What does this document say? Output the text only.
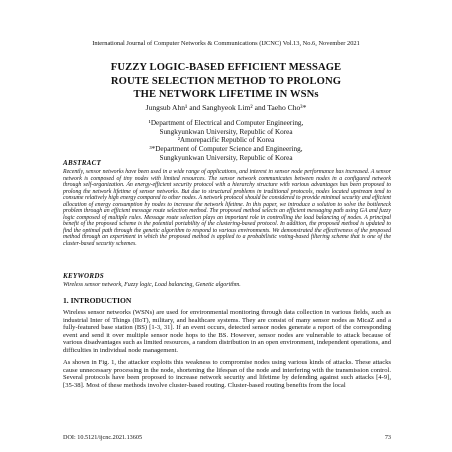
International Journal of Computer Networks & Communications (IJCNC) Vol.13, No.6, November 2021
FUZZY LOGIC-BASED EFFICIENT MESSAGE
ROUTE SELECTION METHOD TO PROLONG
THE NETWORK LIFETIME IN WSNs
Jungsub Ahn¹ and Sanghyeok Lim² and Taeho Cho³*
¹Department of Electrical and Computer Engineering,
Sungkyunkwan University, Republic of Korea
²Amorepacific Republic of Korea
³*Department of Computer Science and Engineering,
Sungkyunkwan University, Republic of Korea
ABSTRACT
Recently, sensor networks have been used in a wide range of applications, and interest in sensor node performance has increased. A sensor network is composed of tiny nodes with limited resources. The sensor network communicates between nodes in a configured network through self-organization. An energy-efficient security protocol with a hierarchy structure with various advantages has been proposed to prolong the network lifetime of sensor networks. But due to structural problems in traditional protocols, nodes located upstream tend to consume relatively high energy compared to other nodes. A network protocol should be considered to provide minimal security and efficient allocation of energy consumption by nodes to increase the network lifetime. In this paper, we introduce a solution to solve the bottleneck problem through an efficient message route selection method. The proposed method selects an efficient messaging path using GA and fuzzy logic composed of multiple rules. Message route selection plays an important role in controlling the load balancing of nodes. A principal benefit of the proposed scheme is the potential portability of the clustering-based protocol. In addition, the proposed method is updated to find the optimal path through the genetic algorithm to respond to various environments. We demonstrated the effectiveness of the proposed method through an experiment in which the proposed method is applied to a probabilistic voting-based filtering scheme that is one of the cluster-based security schemes.
KEYWORDS
Wireless sensor network, Fuzzy logic, Load balancing, Genetic algorithm.
1. INTRODUCTION

Wireless sensor networks (WSNs) are used for environmental monitoring through data collection in various fields, such as industrial Inter of Things (IIoT), military, and healthcare systems. They are consist of many sensor nodes as MicaZ and a fully-featured base station (BS) [1-3, 31]. If an event occurs, detected sensor nodes generate a report of the corresponding event and send it over multiple sensor node hops to the BS. However, sensor nodes are vulnerable to attack because of various disadvantages such as limited resources, a random distribution in an open environment, independent operations, and difficulties in individual node management.

As shown in Fig. 1, the attacker exploits this weakness to compromise nodes using various kinds of attacks. These attacks cause unnecessary processing in the node, shortening the lifespan of the node and interfering with the transmission control. Several protocols have been proposed to increase network security and lifetime by defending against such attacks [4-9], [35-38]. Most of these methods involve cluster-based routing. Cluster-based routing benefits from the local

DOI: 10.5121/ijcnc.2021.13605	73
